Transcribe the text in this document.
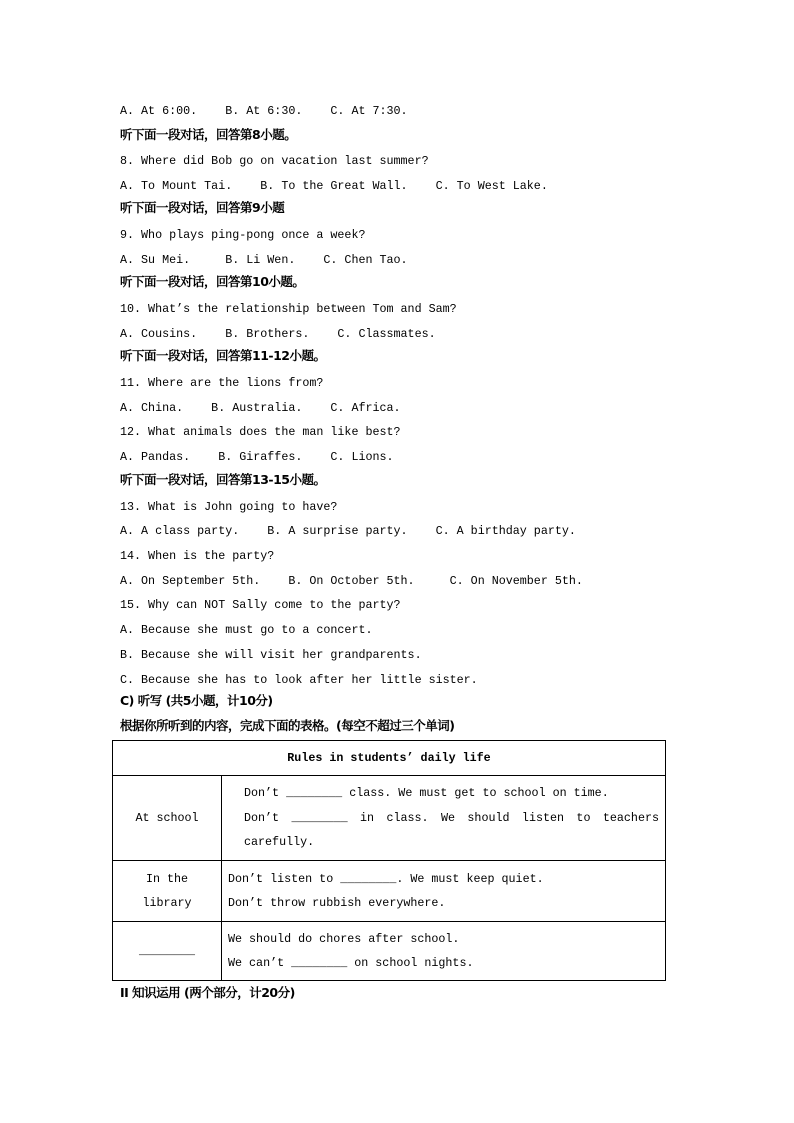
A. At 6:00.    B. At 6:30.    C. At 7:30.
听下面一段对话，回答第8小题。
8. Where did Bob go on vacation last summer?
A. To Mount Tai.    B. To the Great Wall.    C. To West Lake.
听下面一段对话，回答第9小题
9. Who plays ping-pong once a week?
A. Su Mei.     B. Li Wen.    C. Chen Tao.
听下面一段对话，回答第10小题。
10. What’s the relationship between Tom and Sam?
A. Cousins.    B. Brothers.    C. Classmates.
听下面一段对话，回答第11-12小题。
11. Where are the lions from?
A. China.    B. Australia.    C. Africa.
12. What animals does the man like best?
A. Pandas.    B. Giraffes.    C. Lions.
听下面一段对话，回答第13-15小题。
13. What is John going to have?
A. A class party.    B. A surprise party.    C. A birthday party.
14. When is the party?
A. On September 5th.    B. On October 5th.     C. On November 5th.
15. Why can NOT Sally come to the party?
A. Because she must go to a concert.
B. Because she will visit her grandparents.
C. Because she has to look after her little sister.
C) 听写 (共5小题，计10分)
根据你所听到的内容，完成下面的表格。(每空不超过三个单词)
Rules in students’ daily life	
At school	Don’t ________ class. We must get to school on time.
Don’t ________ in class. We should listen to teachers carefully.

In the library	Don’t listen to ________. We must keep quiet.
Don’t throw rubbish everywhere.

________	We should do chores after school.
We can’t ________ on school nights.
II 知识运用 (两个部分，计20分)
